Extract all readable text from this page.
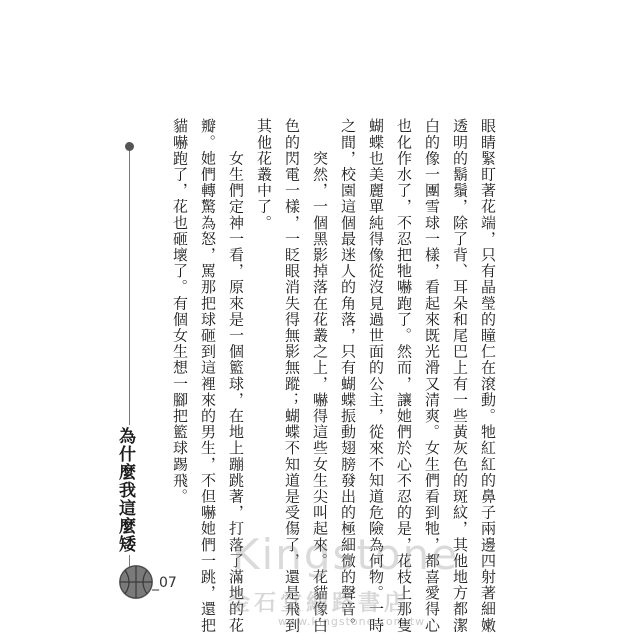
眼睛緊盯著花端，只有晶瑩的瞳仁在滾動。牠紅紅的鼻子兩邊四射著細嫩
透明的鬍鬚，除了背、耳朵和尾巴上有一些黃灰色的斑紋，其他地方都潔
白的像一團雪球一樣，看起來既光滑又清爽。女生們看到牠，都喜愛得心
也化作水了，不忍把牠嚇跑了。然而，讓她們於心不忍的是，花枝上那隻
蝴蝶也美麗單純得像從沒見過世面的公主，從來不知道危險為何物。一時
之間，校園這個最迷人的角落，只有蝴蝶振動翅膀發出的極細微的聲音。
　　突然，一個黑影掉落在花叢之上，嚇得這些女生尖叫起來。花貓像白
色的閃電一樣，一眨眼消失得無影無蹤；蝴蝶不知道是受傷了，還是飛到
其他花叢中了。
　　女生們定神一看，原來是一個籃球，在地上蹦跳著，打落了滿地的花
瓣。她們轉驚為怒，罵那把球砸到這裡來的男生，不但嚇她們一跳，還把
貓嚇跑了，花也砸壞了。有個女生想一腳把籃球踢飛。
為什麼我這麼矮
_07
Kingstone
金石堂網路書店
www.kingstone.com.tw
